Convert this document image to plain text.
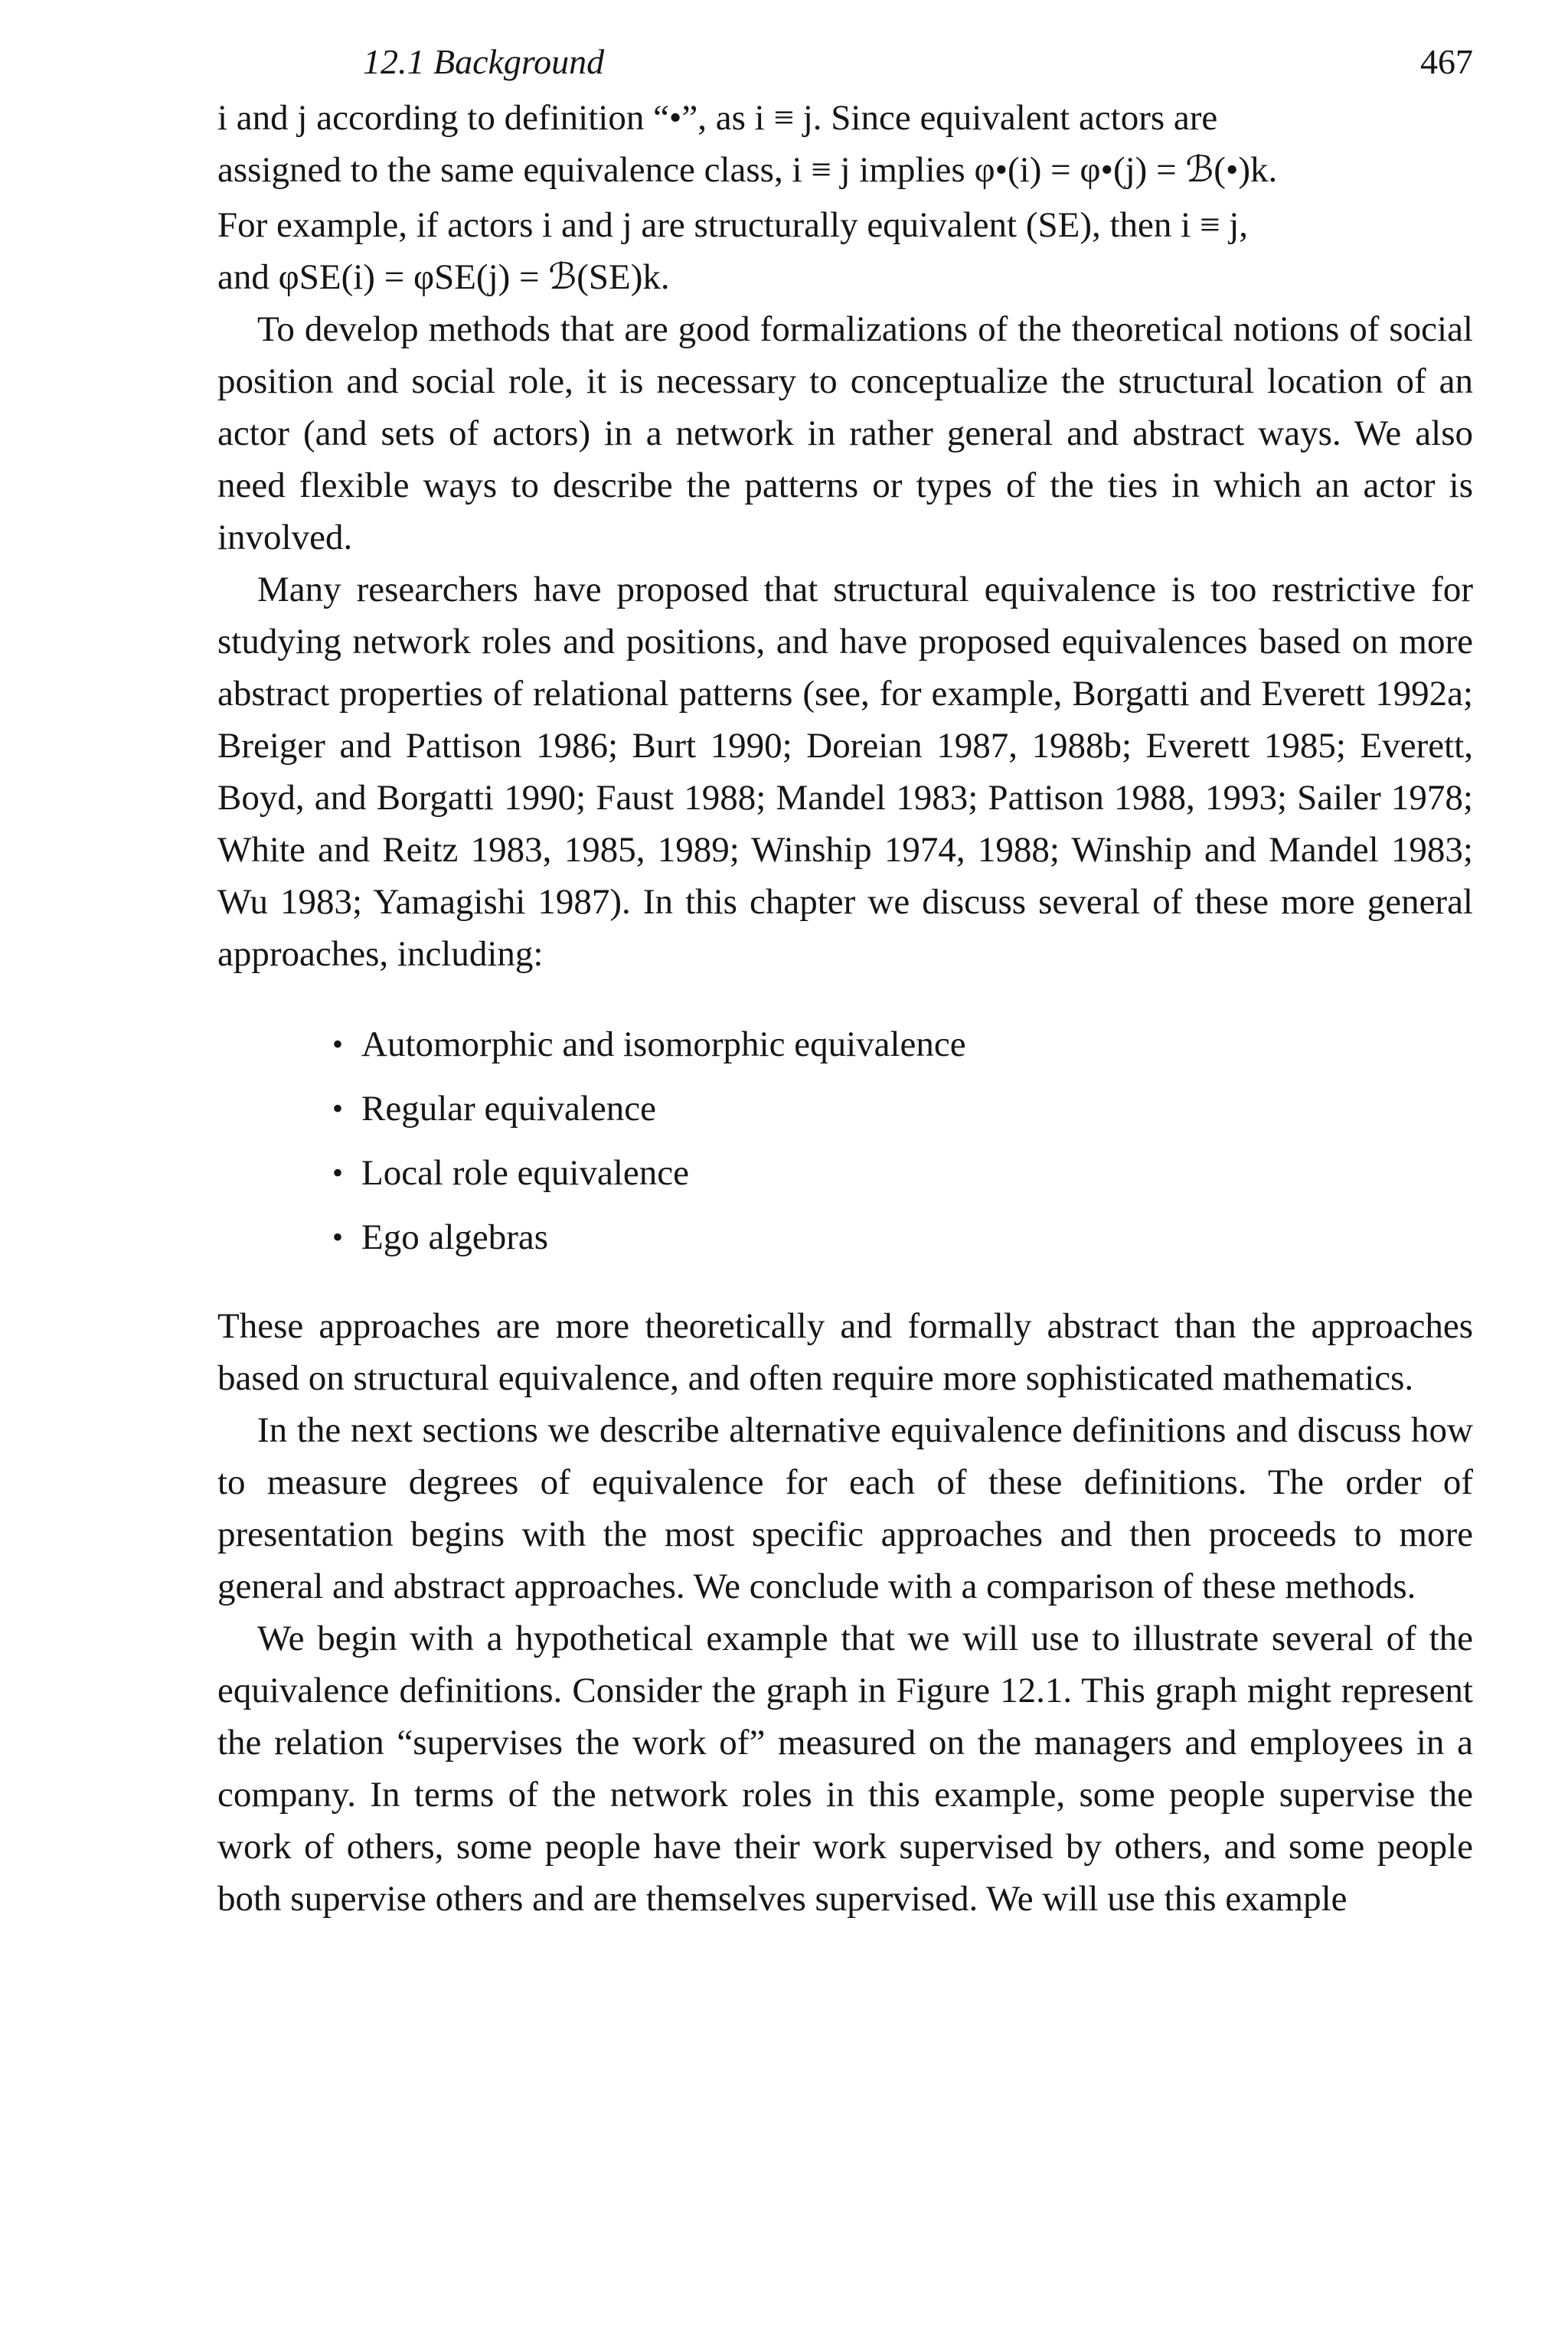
12.1 Background	467

i and j according to definition “•”, as i ≡ j. Since equivalent actors are

assigned to the same equivalence class, i ≡ j implies φ•(i) = φ•(j) = ℬ(•)k.

For example, if actors i and j are structurally equivalent (SE), then i ≡ j,

and φSE(i) = φSE(j) = ℬ(SE)k.

To develop methods that are good formalizations of the theoretical notions of social position and social role, it is necessary to conceptualize the structural location of an actor (and sets of actors) in a network in rather general and abstract ways. We also need flexible ways to describe the patterns or types of the ties in which an actor is involved.

Many researchers have proposed that structural equivalence is too restrictive for studying network roles and positions, and have proposed equivalences based on more abstract properties of relational patterns (see, for example, Borgatti and Everett 1992a; Breiger and Pattison 1986; Burt 1990; Doreian 1987, 1988b; Everett 1985; Everett, Boyd, and Borgatti 1990; Faust 1988; Mandel 1983; Pattison 1988, 1993; Sailer 1978; White and Reitz 1983, 1985, 1989; Winship 1974, 1988; Winship and Mandel 1983; Wu 1983; Yamagishi 1987). In this chapter we discuss several of these more general approaches, including:

• Automorphic and isomorphic equivalence
• Regular equivalence
• Local role equivalence
• Ego algebras

These approaches are more theoretically and formally abstract than the approaches based on structural equivalence, and often require more sophisticated mathematics.

In the next sections we describe alternative equivalence definitions and discuss how to measure degrees of equivalence for each of these definitions. The order of presentation begins with the most specific approaches and then proceeds to more general and abstract approaches. We conclude with a comparison of these methods.

We begin with a hypothetical example that we will use to illustrate several of the equivalence definitions. Consider the graph in Figure 12.1. This graph might represent the relation “supervises the work of” measured on the managers and employees in a company. In terms of the network roles in this example, some people supervise the work of others, some people have their work supervised by others, and some people both supervise others and are themselves supervised. We will use this example
